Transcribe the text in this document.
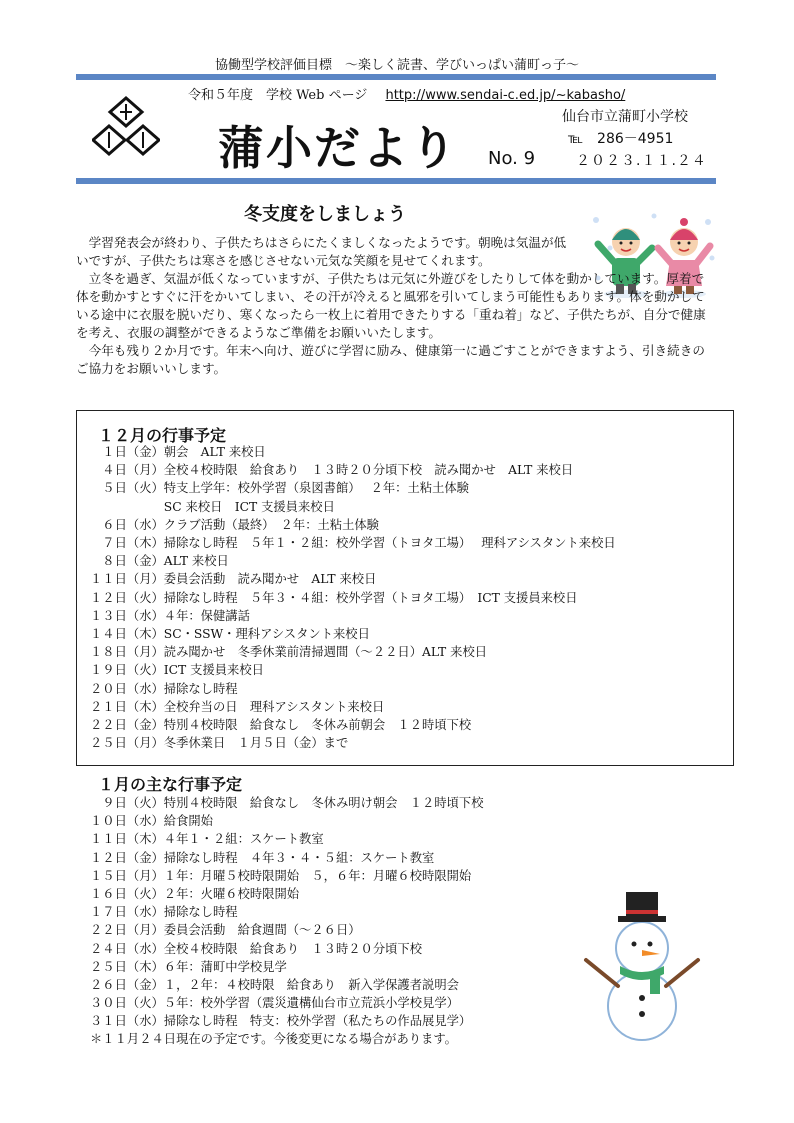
協働型学校評価目標　～楽しく読書、学びいっぱい蒲町っ子～
令和５年度　学校 Web ページ http://www.sendai-c.ed.jp/~kabasho/
蒲小だより No. 9
仙台市立蒲町小学校
℡　286－4951
２０２３.１１.２４
冬支度をしましょう

学習発表会が終わり、子供たちはさらにたくましくなったようです。朝晩は気温が低いですが、子供たちは寒さを感じさせない元気な笑顔を見せてくれます。

立冬を過ぎ、気温が低くなっていますが、子供たちは元気に外遊びをしたりして体を動かしています。厚着で体を動かすとすぐに汗をかいてしまい、その汗が冷えると風邪を引いてしまう可能性もあります。体を動かしている途中に衣服を脱いだり、寒くなったら一枚上に着用できたりする「重ね着」など、子供たちが、自分で健康を考え、衣服の調整ができるようなご準備をお願いいたします。

今年も残り２か月です。年末へ向け、遊びに学習に励み、健康第一に過ごすことができますよう、引き続きのご協力をお願いいします。

１２月の行事予定
　１日（金）朝会　ALT 来校日
　４日（月）全校４校時限　給食あり　１３時２０分頃下校　読み聞かせ　ALT 来校日
　５日（火）特支上学年：校外学習（泉図書館）　 ２年：土粘土体験
　　　　　　SC 来校日　ICT 支援員来校日
　６日（水）クラブ活動（最終）　２年：土粘土体験
　７日（木）掃除なし時程　５年１・２組：校外学習（トヨタ工場）　 理科アシスタント来校日
　８日（金）ALT 来校日
１１日（月）委員会活動　読み聞かせ　ALT 来校日
１２日（火）掃除なし時程　５年３・４組：校外学習（トヨタ工場）　ICT 支援員来校日
１３日（水）４年：保健講話
１４日（木）SC・SSW・理科アシスタント来校日
１８日（月）読み聞かせ　冬季休業前清掃週間（～２２日）ALT 来校日
１９日（火）ICT 支援員来校日
２０日（水）掃除なし時程
２１日（木）全校弁当の日　理科アシスタント来校日
２２日（金）特別４校時限　給食なし　冬休み前朝会　１２時頃下校
２５日（月）冬季休業日　１月５日（金）まで
１月の主な行事予定
　９日（火）特別４校時限　給食なし　冬休み明け朝会　１２時頃下校
１０日（水）給食開始
１１日（木）４年１・２組：スケート教室
１２日（金）掃除なし時程　４年３・４・５組：スケート教室
１５日（月）１年：月曜５校時限開始　５，６年：月曜６校時限開始
１６日（火）２年：火曜６校時限開始
１７日（水）掃除なし時程
２２日（月）委員会活動　給食週間（～２６日）
２４日（水）全校４校時限　給食あり　１３時２０分頃下校
２５日（木）６年：蒲町中学校見学
２６日（金）１，２年：４校時限　給食あり　新入学保護者説明会
３０日（火）５年：校外学習（震災遺構仙台市立荒浜小学校見学）
３１日（水）掃除なし時程　特支：校外学習（私たちの作品展見学）
＊１１月２４日現在の予定です。今後変更になる場合があります。
